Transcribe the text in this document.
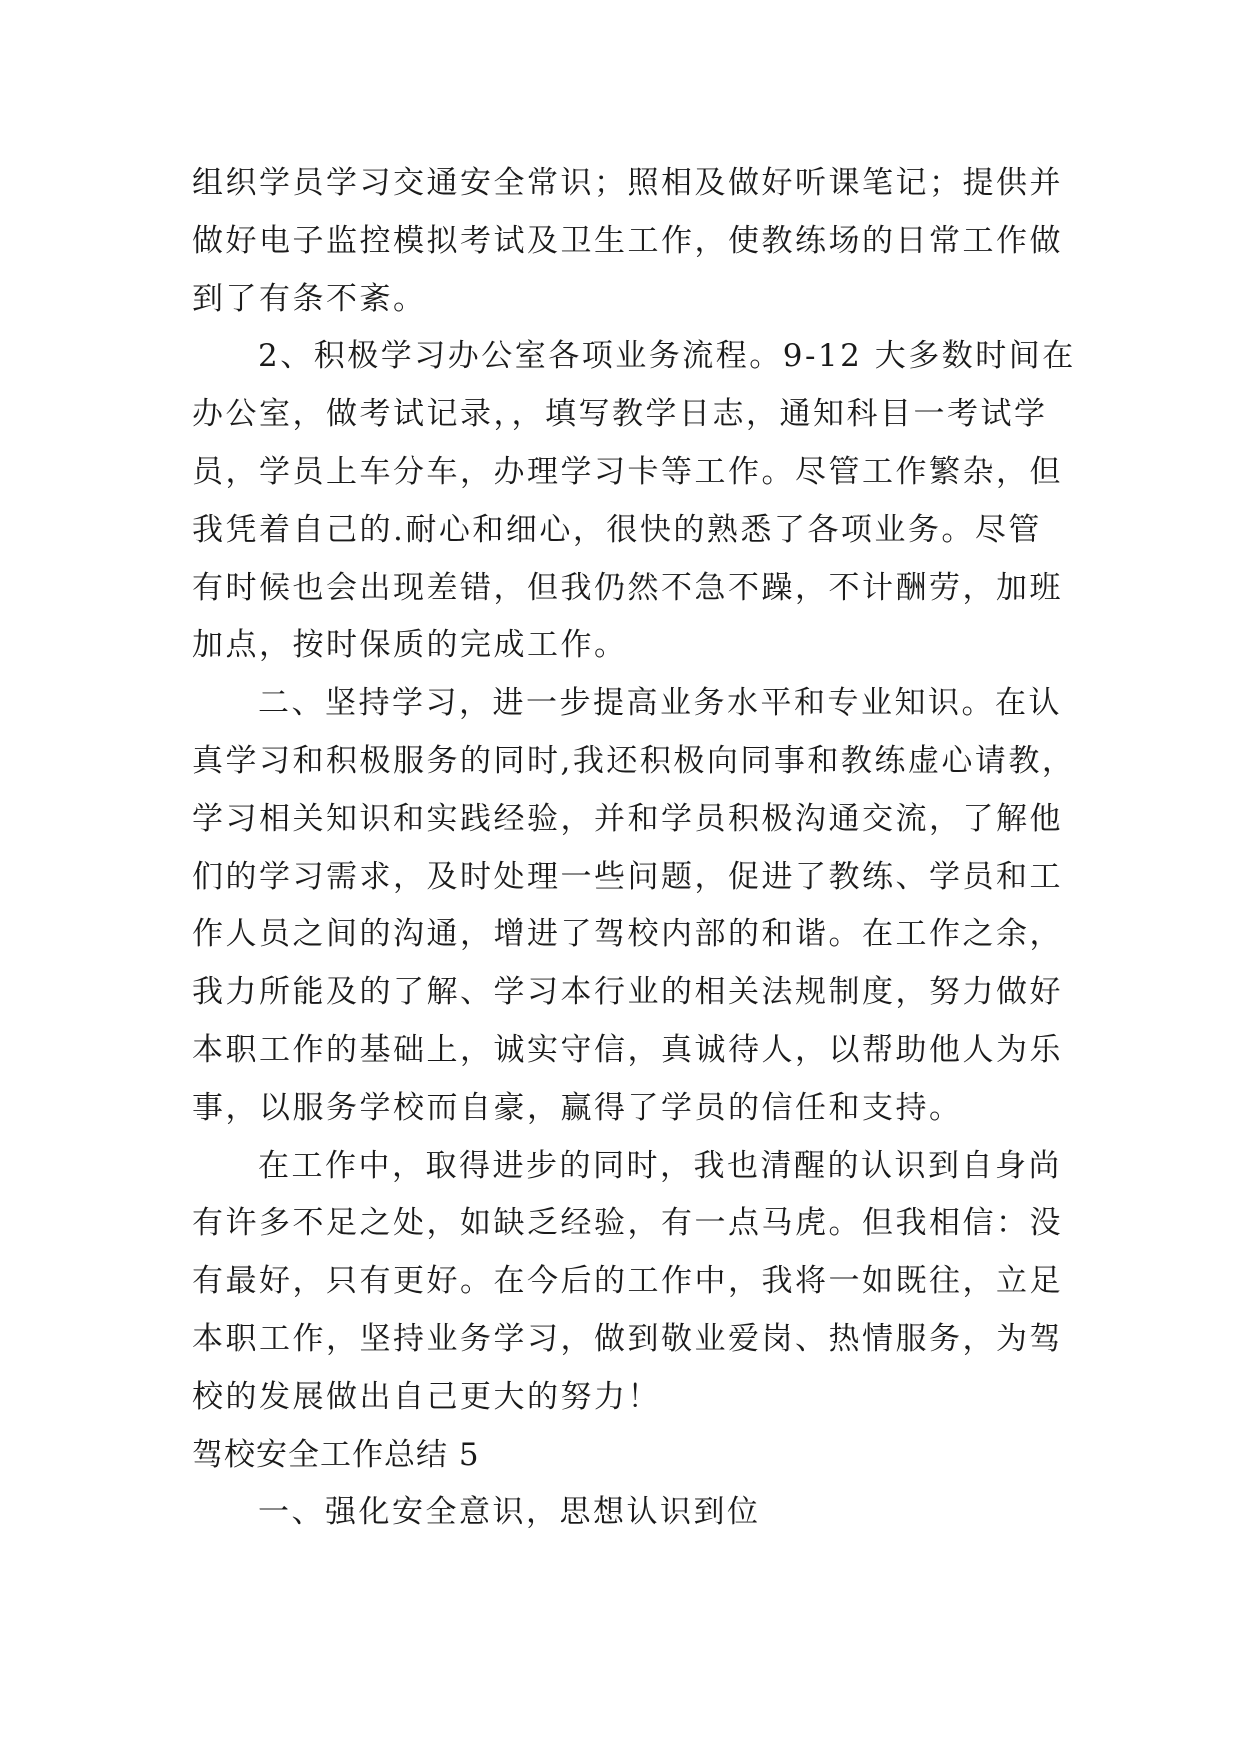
组织学员学习交通安全常识；照相及做好听课笔记；提供并
做好电子监控模拟考试及卫生工作，使教练场的日常工作做
到了有条不紊。
2、积极学习办公室各项业务流程。9-12 大多数时间在
办公室，做考试记录，，填写教学日志，通知科目一考试学
员，学员上车分车，办理学习卡等工作。尽管工作繁杂，但
我凭着自己的.耐心和细心，很快的熟悉了各项业务。尽管
有时候也会出现差错，但我仍然不急不躁，不计酬劳，加班
加点，按时保质的完成工作。
二、坚持学习，进一步提高业务水平和专业知识。在认
真学习和积极服务的同时,我还积极向同事和教练虚心请教，
学习相关知识和实践经验，并和学员积极沟通交流，了解他
们的学习需求，及时处理一些问题，促进了教练、学员和工
作人员之间的沟通，增进了驾校内部的和谐。在工作之余，
我力所能及的了解、学习本行业的相关法规制度，努力做好
本职工作的基础上，诚实守信，真诚待人，以帮助他人为乐
事，以服务学校而自豪，赢得了学员的信任和支持。
在工作中，取得进步的同时，我也清醒的认识到自身尚
有许多不足之处，如缺乏经验，有一点马虎。但我相信：没
有最好，只有更好。在今后的工作中，我将一如既往，立足
本职工作，坚持业务学习，做到敬业爱岗、热情服务，为驾
校的发展做出自己更大的努力！
驾校安全工作总结 5
一、强化安全意识，思想认识到位
